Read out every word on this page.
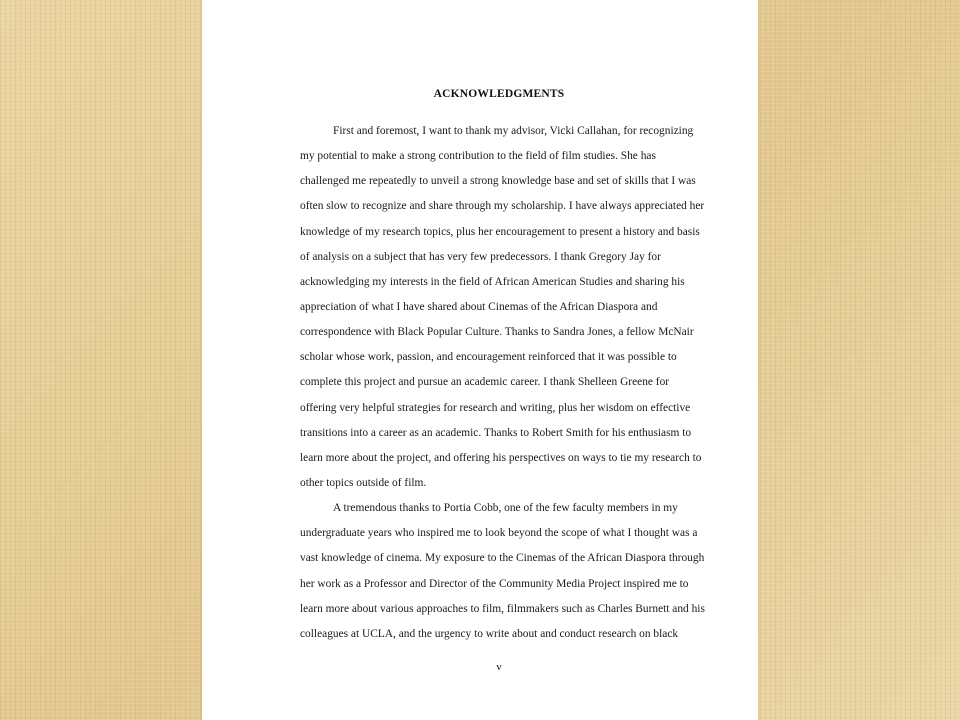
ACKNOWLEDGMENTS
First and foremost, I want to thank my advisor, Vicki Callahan, for recognizing
my potential to make a strong contribution to the field of film studies. She has
challenged me repeatedly to unveil a strong knowledge base and set of skills that I was
often slow to recognize and share through my scholarship. I have always appreciated her
knowledge of my research topics, plus her encouragement to present a history and basis
of analysis on a subject that has very few predecessors. I thank Gregory Jay for
acknowledging my interests in the field of African American Studies and sharing his
appreciation of what I have shared about Cinemas of the African Diaspora and
correspondence with Black Popular Culture. Thanks to Sandra Jones, a fellow McNair
scholar whose work, passion, and encouragement reinforced that it was possible to
complete this project and pursue an academic career. I thank Shelleen Greene for
offering very helpful strategies for research and writing, plus her wisdom on effective
transitions into a career as an academic. Thanks to Robert Smith for his enthusiasm to
learn more about the project, and offering his perspectives on ways to tie my research to
other topics outside of film.
A tremendous thanks to Portia Cobb, one of the few faculty members in my
undergraduate years who inspired me to look beyond the scope of what I thought was a
vast knowledge of cinema. My exposure to the Cinemas of the African Diaspora through
her work as a Professor and Director of the Community Media Project inspired me to
learn more about various approaches to film, filmmakers such as Charles Burnett and his
colleagues at UCLA, and the urgency to write about and conduct research on black
v
